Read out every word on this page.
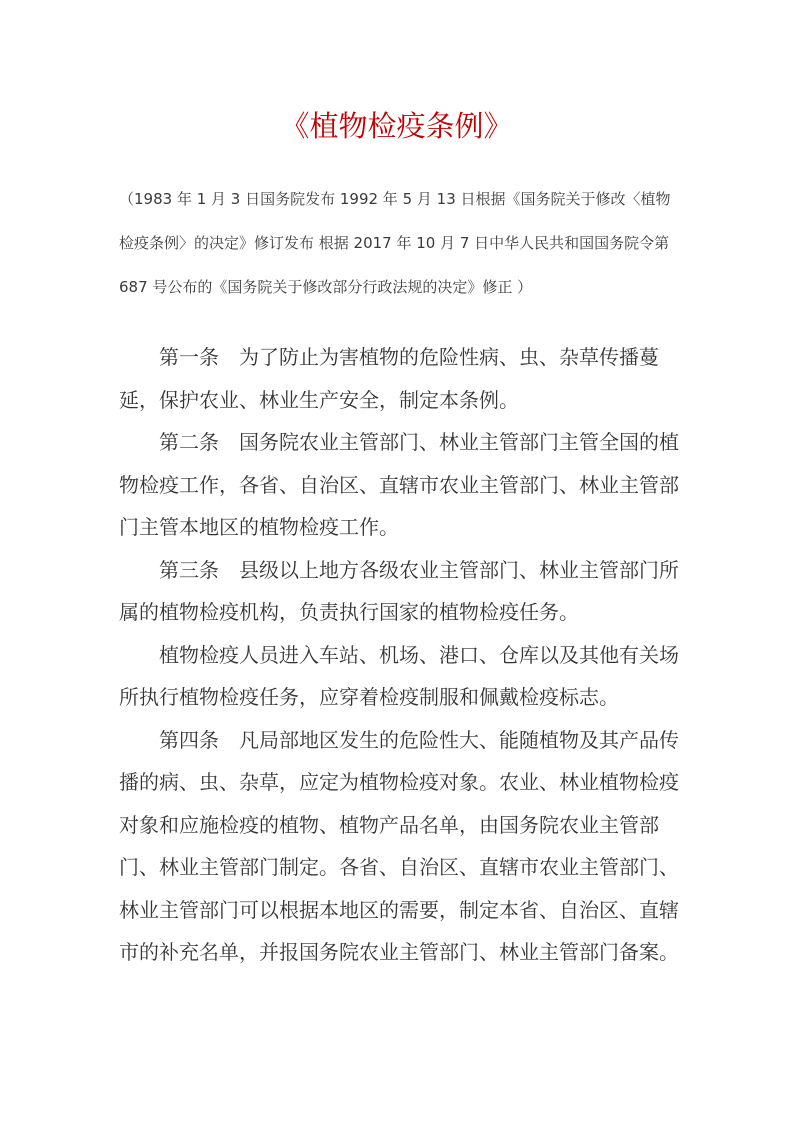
《植物检疫条例》

（1983 年 1 月 3 日国务院发布 1992 年 5 月 13 日根据《国务院关于修改〈植物检疫条例〉的决定》修订发布 根据 2017 年 10 月 7 日中华人民共和国国务院令第 687 号公布的《国务院关于修改部分行政法规的决定》修正 ）

第一条　为了防止为害植物的危险性病、虫、杂草传播蔓延，保护农业、林业生产安全，制定本条例。

第二条　国务院农业主管部门、林业主管部门主管全国的植物检疫工作，各省、自治区、直辖市农业主管部门、林业主管部门主管本地区的植物检疫工作。

第三条　县级以上地方各级农业主管部门、林业主管部门所属的植物检疫机构，负责执行国家的植物检疫任务。

植物检疫人员进入车站、机场、港口、仓库以及其他有关场所执行植物检疫任务，应穿着检疫制服和佩戴检疫标志。

第四条　凡局部地区发生的危险性大、能随植物及其产品传播的病、虫、杂草，应定为植物检疫对象。农业、林业植物检疫对象和应施检疫的植物、植物产品名单，由国务院农业主管部门、林业主管部门制定。各省、自治区、直辖市农业主管部门、林业主管部门可以根据本地区的需要，制定本省、自治区、直辖市的补充名单，并报国务院农业主管部门、林业主管部门备案。
